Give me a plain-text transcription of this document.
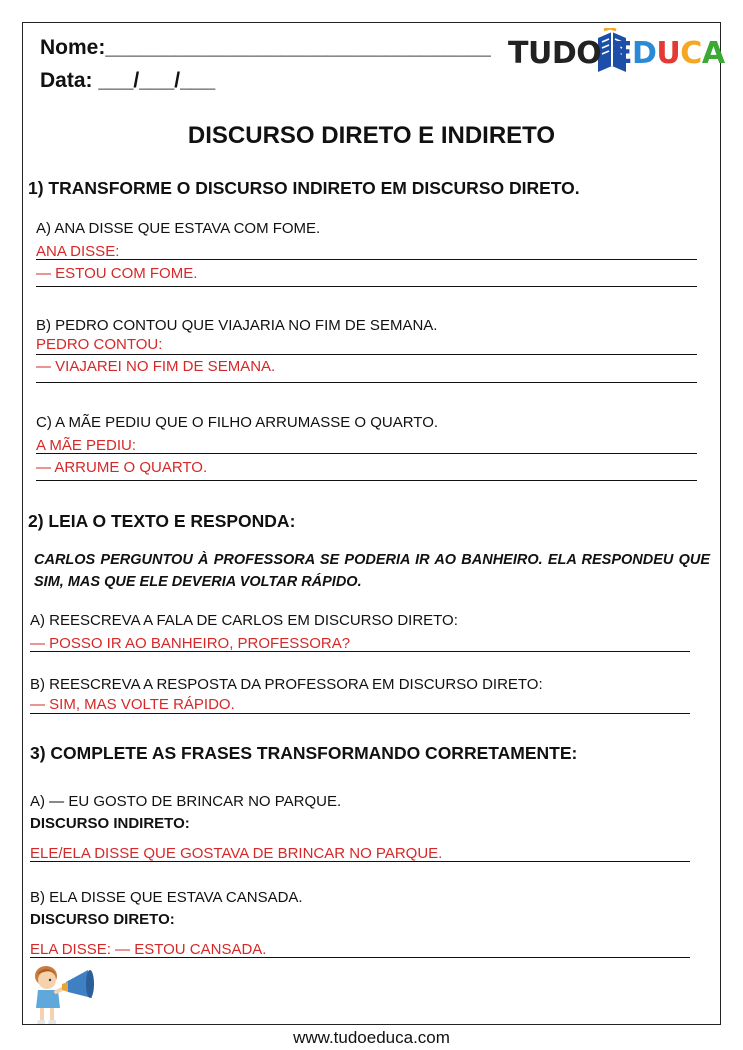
Nome:_________________________________
Data: ___/___/___
TUDO EDUCA
DISCURSO DIRETO E INDIRETO
1) TRANSFORME O DISCURSO INDIRETO EM DISCURSO DIRETO.
A) ANA DISSE QUE ESTAVA COM FOME.
ANA DISSE:
— ESTOU COM FOME.
B) PEDRO CONTOU QUE VIAJARIA NO FIM DE SEMANA.
PEDRO CONTOU:
— VIAJAREI NO FIM DE SEMANA.
C) A MÃE PEDIU QUE O FILHO ARRUMASSE O QUARTO.
A MÃE PEDIU:
— ARRUME O QUARTO.
2) LEIA O TEXTO E RESPONDA:
CARLOS PERGUNTOU À PROFESSORA SE PODERIA IR AO BANHEIRO. ELA RESPONDEU QUE
SIM, MAS QUE ELE DEVERIA VOLTAR RÁPIDO.
A) REESCREVA A FALA DE CARLOS EM DISCURSO DIRETO:
— POSSO IR AO BANHEIRO, PROFESSORA?
B) REESCREVA A RESPOSTA DA PROFESSORA EM DISCURSO DIRETO:
— SIM, MAS VOLTE RÁPIDO.
3) COMPLETE AS FRASES TRANSFORMANDO CORRETAMENTE:
A) — EU GOSTO DE BRINCAR NO PARQUE.
DISCURSO INDIRETO:
ELE/ELA DISSE QUE GOSTAVA DE BRINCAR NO PARQUE.
B) ELA DISSE QUE ESTAVA CANSADA.
DISCURSO DIRETO:
ELA DISSE: — ESTOU CANSADA.
www.tudoeduca.com
